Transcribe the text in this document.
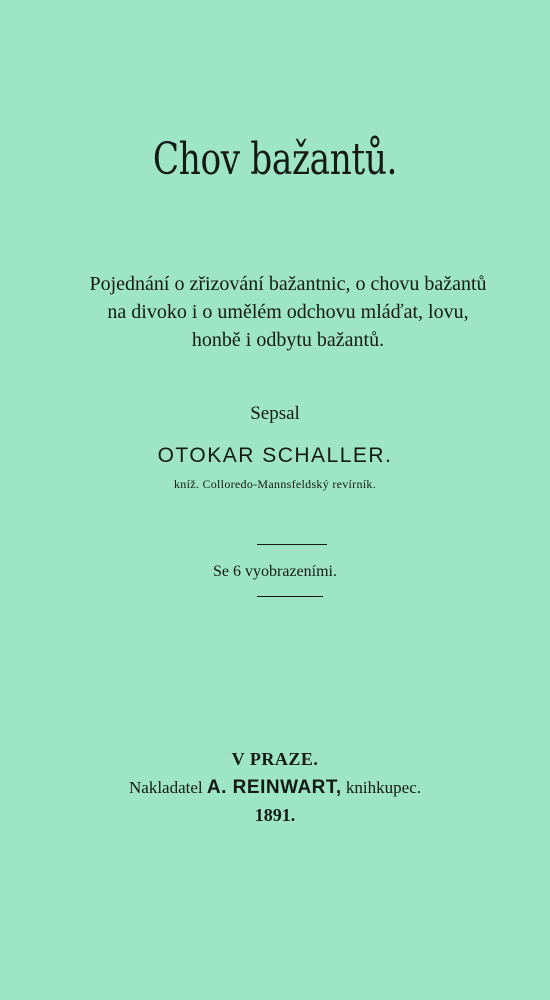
Chov bažantů.
Pojednání o zřizování bažantnic, o chovu bažantů
na divoko i o umělém odchovu mláďat, lovu,
honbě i odbytu bažantů.
Sepsal
OTOKAR SCHALLER.
kníž. Colloredo-Mannsfeldský revírník.
Se 6 vyobrazeními.
V PRAZE.
Nakladatel A. REINWART, knihkupec.
1891.
